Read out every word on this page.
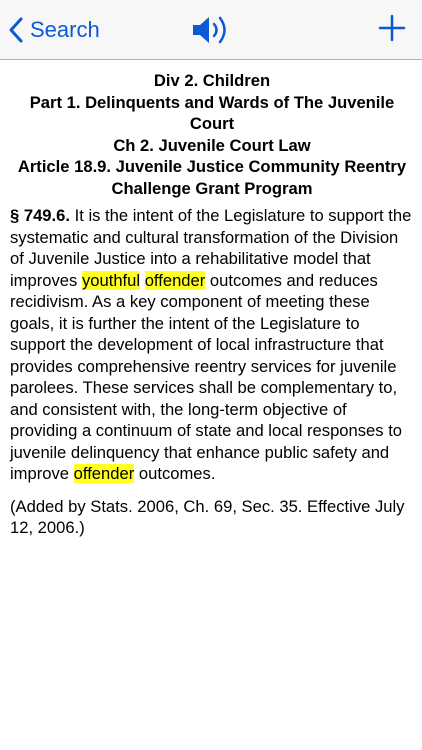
Search
Div 2. Children
Part 1. Delinquents and Wards of The Juvenile Court
Ch 2. Juvenile Court Law
Article 18.9. Juvenile Justice Community Reentry Challenge Grant Program

§ 749.6. It is the intent of the Legislature to support the systematic and cultural transformation of the Division of Juvenile Justice into a rehabilitative model that improves youthful offender outcomes and reduces recidivism. As a key component of meeting these goals, it is further the intent of the Legislature to support the development of local infrastructure that provides comprehensive reentry services for juvenile parolees. These services shall be complementary to, and consistent with, the long-term objective of providing a continuum of state and local responses to juvenile delinquency that enhance public safety and improve offender outcomes.

(Added by Stats. 2006, Ch. 69, Sec. 35. Effective July 12, 2006.)
